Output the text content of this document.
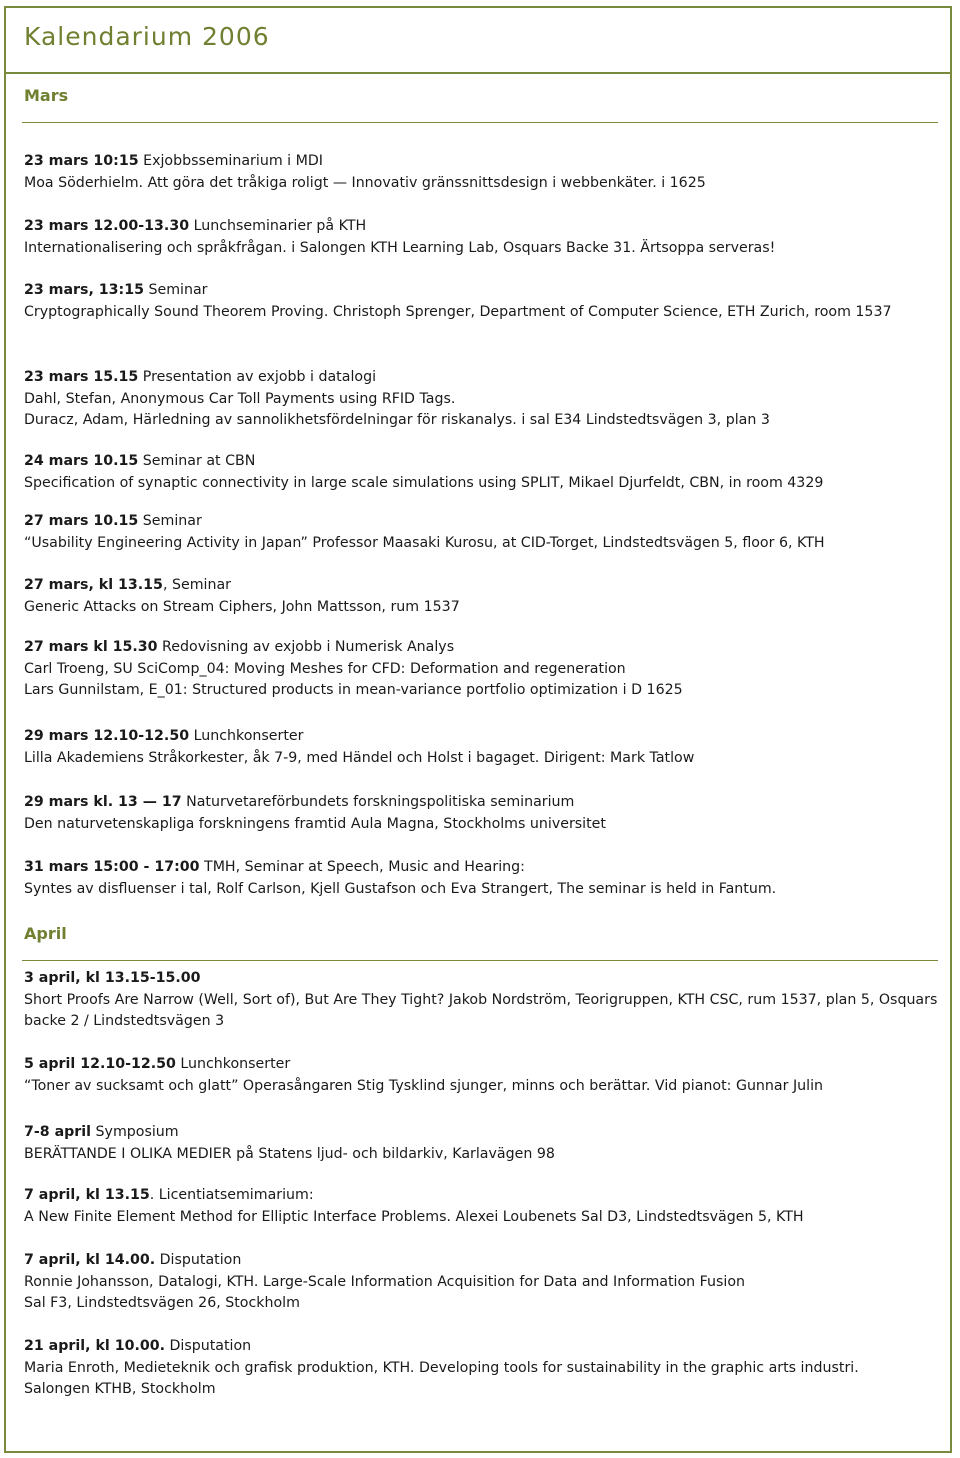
Kalendarium 2006
Mars
23 mars 10:15 Exjobbsseminarium i MDI
Moa Söderhielm. Att göra det tråkiga roligt — Innovativ gränssnittsdesign i webbenkäter. i 1625
23 mars 12.00-13.30 Lunchseminarier på KTH
Internationalisering och språkfrågan. i Salongen KTH Learning Lab, Osquars Backe 31. Ärtsoppa serveras!
23 mars, 13:15 Seminar
Cryptographically Sound Theorem Proving. Christoph Sprenger, Department of Computer Science, ETH Zurich, room 1537
23 mars 15.15 Presentation av exjobb i datalogi
Dahl, Stefan, Anonymous Car Toll Payments using RFID Tags.
Duracz, Adam, Härledning av sannolikhetsfördelningar för riskanalys. i sal E34 Lindstedtsvägen 3, plan 3
24 mars 10.15 Seminar at CBN
Specification of synaptic connectivity in large scale simulations using SPLIT, Mikael Djurfeldt, CBN, in room 4329
27 mars 10.15 Seminar
“Usability Engineering Activity in Japan” Professor Maasaki Kurosu, at CID-Torget, Lindstedtsvägen 5, floor 6, KTH
27 mars, kl 13.15, Seminar
Generic Attacks on Stream Ciphers, John Mattsson, rum 1537
27 mars kl 15.30 Redovisning av exjobb i Numerisk Analys
Carl Troeng, SU SciComp_04: Moving Meshes for CFD: Deformation and regeneration
Lars Gunnilstam, E_01: Structured products in mean-variance portfolio optimization i D 1625
29 mars 12.10-12.50 Lunchkonserter
Lilla Akademiens Stråkorkester, åk 7-9, med Händel och Holst i bagaget. Dirigent: Mark Tatlow
29 mars kl. 13 — 17 Naturvetareförbundets forskningspolitiska seminarium
Den naturvetenskapliga forskningens framtid Aula Magna, Stockholms universitet
31 mars 15:00 - 17:00 TMH, Seminar at Speech, Music and Hearing:
Syntes av disfluenser i tal, Rolf Carlson, Kjell Gustafson och Eva Strangert, The seminar is held in Fantum.
April
3 april, kl 13.15-15.00
Short Proofs Are Narrow (Well, Sort of), But Are They Tight? Jakob Nordström, Teorigruppen, KTH CSC, rum 1537, plan 5, Osquars backe 2 / Lindstedtsvägen 3
5 april 12.10-12.50 Lunchkonserter
“Toner av sucksamt och glatt” Operasångaren Stig Tysklind sjunger, minns och berättar. Vid pianot: Gunnar Julin
7-8 april Symposium
BERÄTTANDE I OLIKA MEDIER på Statens ljud- och bildarkiv, Karlavägen 98
7 april, kl 13.15. Licentiatsemimarium:
A New Finite Element Method for Elliptic Interface Problems. Alexei Loubenets Sal D3, Lindstedtsvägen 5, KTH
7 april, kl 14.00. Disputation
Ronnie Johansson, Datalogi, KTH. Large-Scale Information Acquisition for Data and Information Fusion
Sal F3, Lindstedtsvägen 26, Stockholm
21 april, kl 10.00. Disputation
Maria Enroth, Medieteknik och grafisk produktion, KTH. Developing tools for sustainability in the graphic arts industri. Salongen KTHB, Stockholm
